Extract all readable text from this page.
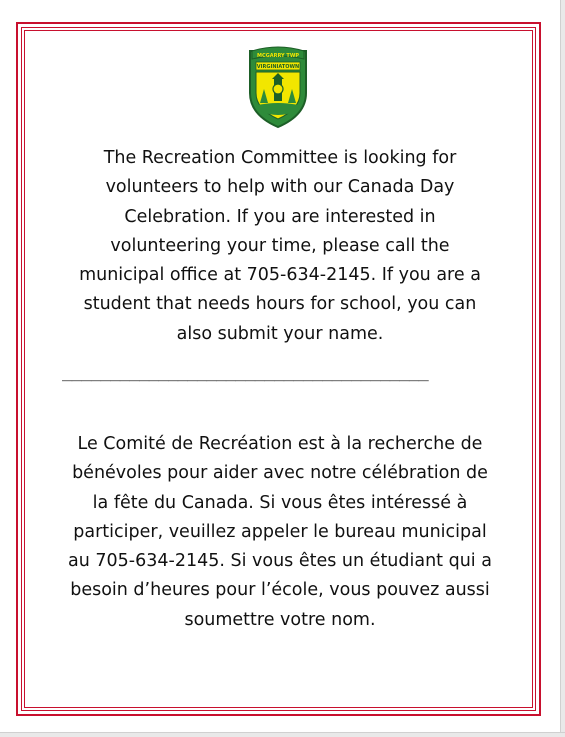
MCGARRY TWP
VIRGINIATOWN
The Recreation Committee is looking for
volunteers to help with our Canada Day
Celebration. If you are interested in
volunteering your time, please call the
municipal office at 705-634-2145. If you are a
student that needs hours for school, you can
also submit your name.
______________________________________
Le Comité de Recréation est à la recherche de
bénévoles pour aider avec notre célébration de
la fête du Canada. Si vous êtes intéressé à
participer, veuillez appeler le bureau municipal
au 705-634-2145. Si vous êtes un étudiant qui a
besoin d’heures pour l’école, vous pouvez aussi
soumettre votre nom.
